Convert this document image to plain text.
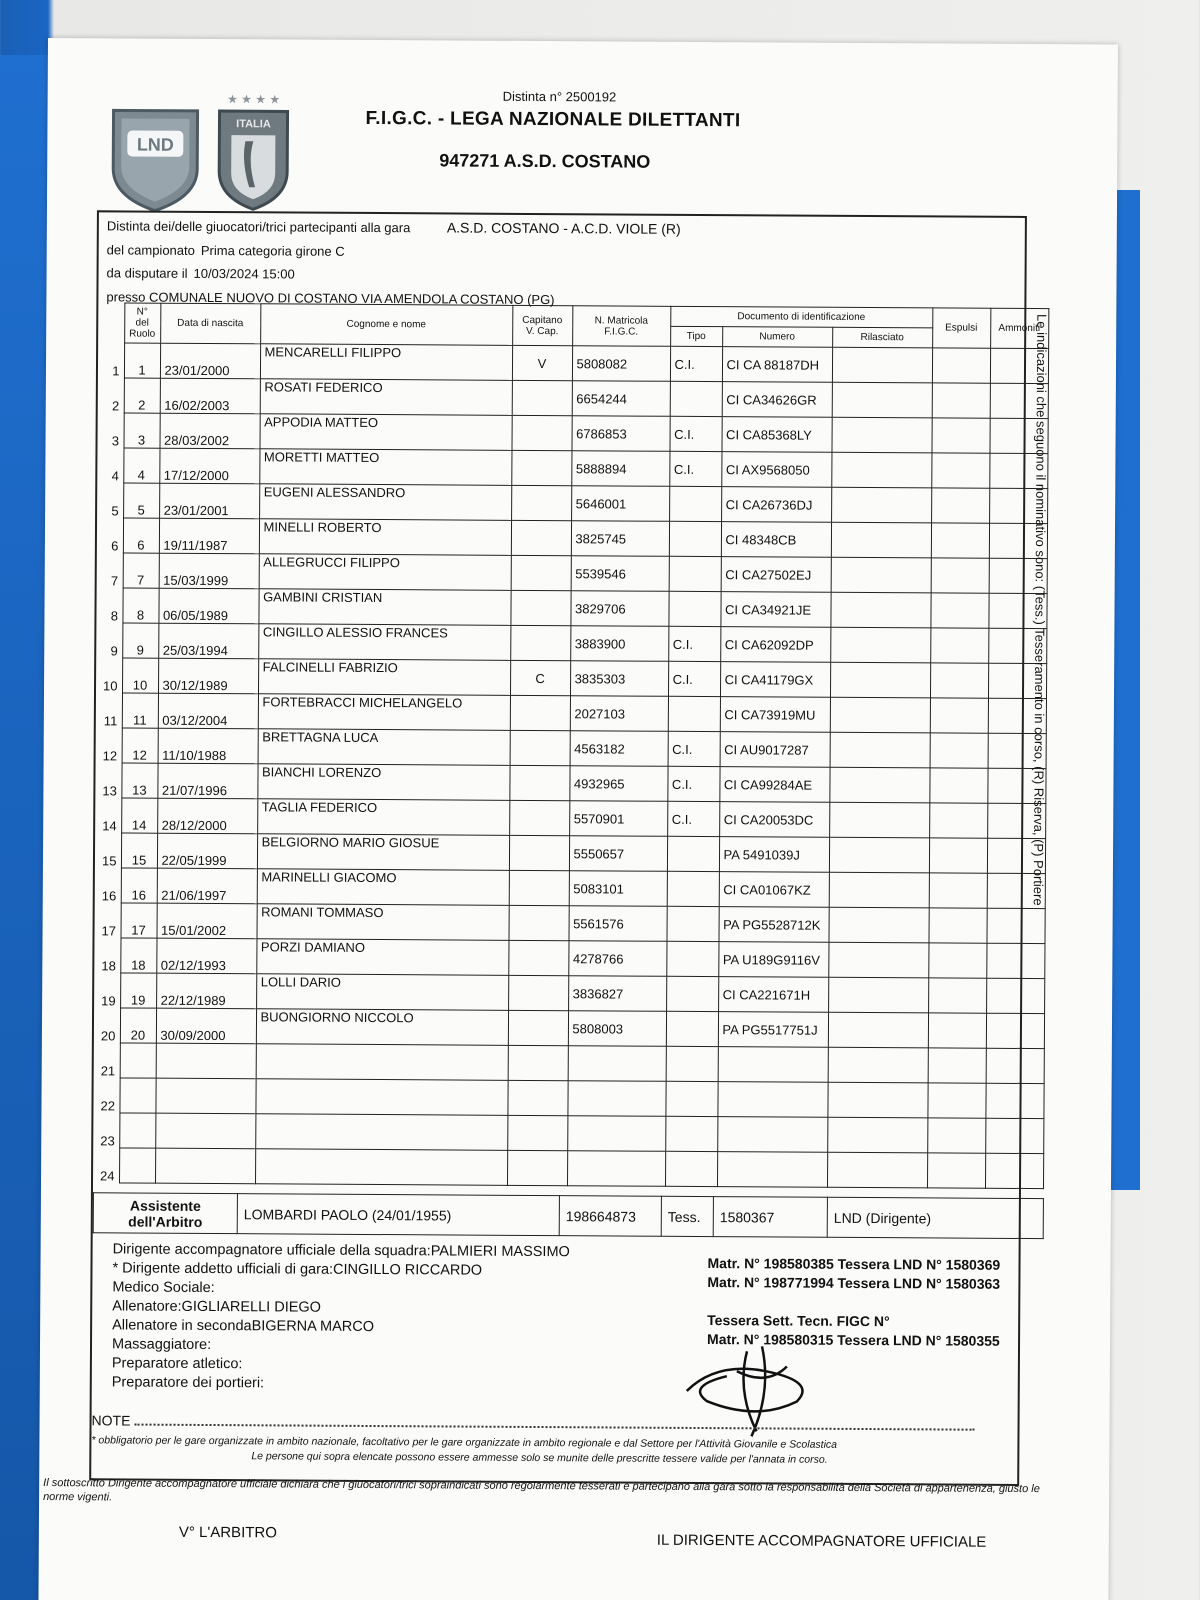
LND
★ ★ ★ ★
ITALIA
Distinta n° 2500192
F.I.G.C. - LEGA NAZIONALE DILETTANTI
947271 A.S.D. COSTANO
Distinta dei/delle giuocatori/trici partecipanti alla gara	A.S.D. COSTANO - A.C.D. VIOLE (R)
del campionato Prima categoria girone C
da disputare il 10/03/2024 15:00
presso COMUNALE NUOVO DI COSTANO VIA AMENDOLA COSTANO (PG)
	N° del Ruolo	Data di nascita	Cognome e nome	Capitano V. Cap.	N. Matricola F.I.G.C.	Documento di identificazione			Espulsi	Ammoniti
						Tipo	Numero	Rilasciato		
1	1	23/01/2000	MENCARELLI FILIPPO	V	5808082	C.I.	CI CA 88187DH			
2	2	16/02/2003	ROSATI FEDERICO		6654244		CI CA34626GR			
3	3	28/03/2002	APPODIA MATTEO		6786853	C.I.	CI CA85368LY			
4	4	17/12/2000	MORETTI MATTEO		5888894	C.I.	CI AX9568050			
5	5	23/01/2001	EUGENI ALESSANDRO		5646001		CI CA26736DJ			
6	6	19/11/1987	MINELLI ROBERTO		3825745		CI 48348CB			
7	7	15/03/1999	ALLEGRUCCI FILIPPO		5539546		CI CA27502EJ			
8	8	06/05/1989	GAMBINI CRISTIAN		3829706		CI CA34921JE			
9	9	25/03/1994	CINGILLO ALESSIO FRANCES		3883900	C.I.	CI CA62092DP			
10	10	30/12/1989	FALCINELLI FABRIZIO	C	3835303	C.I.	CI CA41179GX			
11	11	03/12/2004	FORTEBRACCI MICHELANGELO		2027103		CI CA73919MU			
12	12	11/10/1988	BRETTAGNA LUCA		4563182	C.I.	CI AU9017287			
13	13	21/07/1996	BIANCHI LORENZO		4932965	C.I.	CI CA99284AE			
14	14	28/12/2000	TAGLIA FEDERICO		5570901	C.I.	CI CA20053DC			
15	15	22/05/1999	BELGIORNO MARIO GIOSUE		5550657		PA 5491039J			
16	16	21/06/1997	MARINELLI GIACOMO		5083101		CI CA01067KZ			
17	17	15/01/2002	ROMANI TOMMASO		5561576		PA PG5528712K			
18	18	02/12/1993	PORZI DAMIANO		4278766		PA U189G9116V			
19	19	22/12/1989	LOLLI DARIO		3836827		CI CA221671H			
20	20	30/09/2000	BUONGIORNO NICCOLO		5808003		PA PG5517751J			
21										
22										
23										
24										
Assistente
dell'Arbitro	LOMBARDI PAOLO (24/01/1955)	198664873	Tess.	1580367	LND (Dirigente)
Dirigente accompagnatore ufficiale della squadra:PALMIERI MASSIMO
* Dirigente addetto ufficiali di gara:CINGILLO RICCARDO
Medico Sociale:
Allenatore:GIGLIARELLI DIEGO
Allenatore in secondaBIGERNA MARCO
Massaggiatore:
Preparatore atletico:
Preparatore dei portieri:
Matr. N° 198580385 Tessera LND N° 1580369
Matr. N° 198771994 Tessera LND N° 1580363
Tessera Sett. Tecn. FIGC N°
Matr. N° 198580315 Tessera LND N° 1580355
NOTE
* obbligatorio per le gare organizzate in ambito nazionale, facoltativo per le gare organizzate in ambito regionale e dal Settore per l'Attività Giovanile e Scolastica
Le persone qui sopra elencate possono essere ammesse solo se munite delle prescritte tessere valide per l'annata in corso.
Il sottoscritto Dirigente accompagnatore ufficiale dichiara che i giuocatori/trici sopraindicati sono regolarmente tesserati e partecipano alla gara sotto la responsabilità della Società di appartenenza, giusto le norme vigenti.
V° L'ARBITRO	IL DIRIGENTE ACCOMPAGNATORE UFFICIALE
Le indicazioni che seguono il nominativo sono: (Tess.) Tesseramento in corso, (R) Riserva, (P) Portiere
